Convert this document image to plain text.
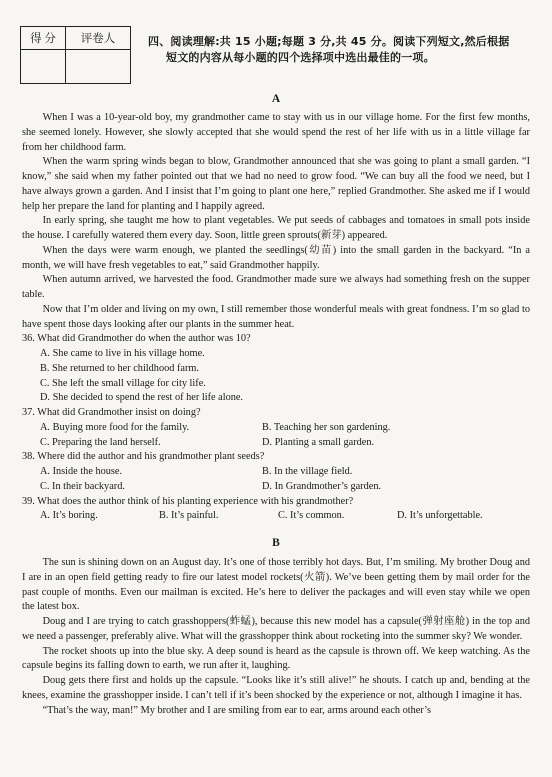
得 分	评卷人
		四、阅读理解:共 15 小题;每题 3 分,共 45 分。阅读下列短文,然后根据
短文的内容从每小题的四个选择项中选出最佳的一项。
A

When I was a 10-year-old boy, my grandmother came to stay with us in our village home. For the first few months, she seemed lonely. However, she slowly accepted that she would spend the rest of her life with us in a little village far from her childhood farm.

When the warm spring winds began to blow, Grandmother announced that she was going to plant a small garden. “I know,” she said when my father pointed out that we had no need to grow food. “We can buy all the food we need, but I have always grown a garden. And I insist that I’m going to plant one here,” replied Grandmother. She asked me if I would help her prepare the land for planting and I happily agreed.

In early spring, she taught me how to plant vegetables. We put seeds of cabbages and tomatoes in small pots inside the house. I carefully watered them every day. Soon, little green sprouts(新芽) appeared.

When the days were warm enough, we planted the seedlings(幼苗) into the small garden in the backyard. “In a month, we will have fresh vegetables to eat,” said Grandmother happily.

When autumn arrived, we harvested the food. Grandmother made sure we always had something fresh on the supper table.

Now that I’m older and living on my own, I still remember those wonderful meals with great fondness. I’m so glad to have spent those days looking after our plants in the summer heat.

36. What did Grandmother do when the author was 10?
A. She came to live in his village home.
B. She returned to her childhood farm.
C. She left the small village for city life.
D. She decided to spend the rest of her life alone.
37. What did Grandmother insist on doing?
A. Buying more food for the family.	B. Teaching her son gardening.
C. Preparing the land herself.	D. Planting a small garden.
38. Where did the author and his grandmother plant seeds?
A. Inside the house.	B. In the village field.
C. In their backyard.	D. In Grandmother’s garden.
39. What does the author think of his planting experience with his grandmother?
A. It’s boring.	B. It’s painful.	C. It’s common.	D. It’s unforgettable.
B

The sun is shining down on an August day. It’s one of those terribly hot days. But, I’m smiling. My brother Doug and I are in an open field getting ready to fire our latest model rockets(火箭). We’ve been getting them by mail order for the past couple of months. Even our mailman is excited. He’s here to deliver the packages and will even stay while we open the latest box.

Doug and I are trying to catch grasshoppers(蚱蜢), because this new model has a capsule(弹射座舱) in the top and we need a passenger, preferably alive. What will the grasshopper think about rocketing into the summer sky? We wonder.

The rocket shoots up into the blue sky. A deep sound is heard as the capsule is thrown off. We keep watching. As the capsule begins its falling down to earth, we run after it, laughing.

Doug gets there first and holds up the capsule. “Looks like it’s still alive!” he shouts. I catch up and, bending at the knees, examine the grasshopper inside. I can’t tell if it’s been shocked by the experience or not, although I imagine it has.

“That’s the way, man!” My brother and I are smiling from ear to ear, arms around each other’s
